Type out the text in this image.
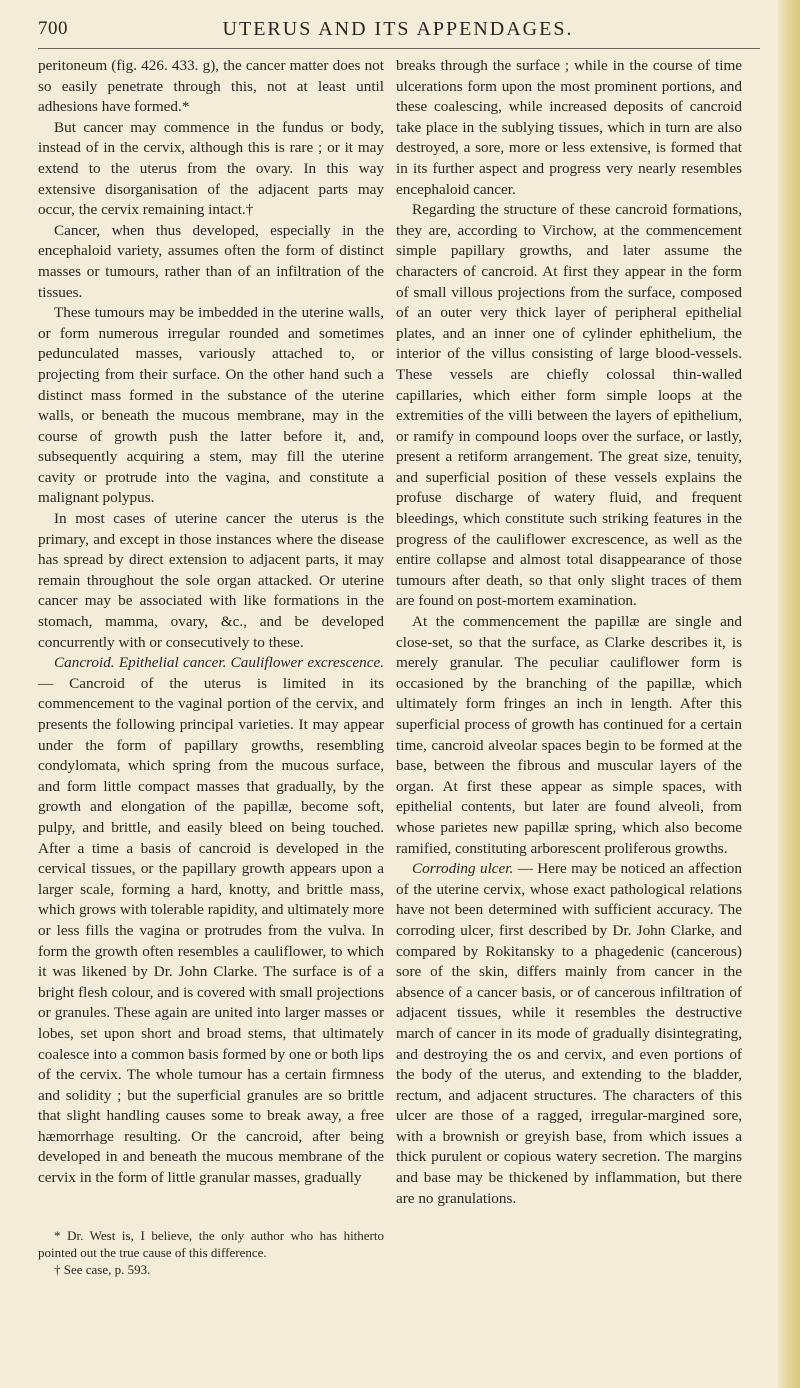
700	UTERUS AND ITS APPENDAGES.

peritoneum (fig. 426. 433. g), the cancer matter does not so easily penetrate through this, not at least until adhesions have formed.*

But cancer may commence in the fundus or body, instead of in the cervix, although this is rare ; or it may extend to the uterus from the ovary. In this way extensive disorganisation of the adjacent parts may occur, the cervix remaining intact.†

Cancer, when thus developed, especially in the encephaloid variety, assumes often the form of distinct masses or tumours, rather than of an infiltration of the tissues.

These tumours may be imbedded in the uterine walls, or form numerous irregular rounded and sometimes pedunculated masses, variously attached to, or projecting from their surface. On the other hand such a distinct mass formed in the substance of the uterine walls, or beneath the mucous membrane, may in the course of growth push the latter before it, and, subsequently acquiring a stem, may fill the uterine cavity or protrude into the vagina, and constitute a malignant polypus.

In most cases of uterine cancer the uterus is the primary, and except in those instances where the disease has spread by direct extension to adjacent parts, it may remain throughout the sole organ attacked. Or uterine cancer may be associated with like formations in the stomach, mamma, ovary, &c., and be developed concurrently with or consecutively to these.

Cancroid. Epithelial cancer. Cauliflower excrescence. — Cancroid of the uterus is limited in its commencement to the vaginal portion of the cervix, and presents the following principal varieties. It may appear under the form of papillary growths, resembling condylomata, which spring from the mucous surface, and form little compact masses that gradually, by the growth and elongation of the papillæ, become soft, pulpy, and brittle, and easily bleed on being touched. After a time a basis of cancroid is developed in the cervical tissues, or the papillary growth appears upon a larger scale, forming a hard, knotty, and brittle mass, which grows with tolerable rapidity, and ultimately more or less fills the vagina or protrudes from the vulva. In form the growth often resembles a cauliflower, to which it was likened by Dr. John Clarke. The surface is of a bright flesh colour, and is covered with small projections or granules. These again are united into larger masses or lobes, set upon short and broad stems, that ultimately coalesce into a common basis formed by one or both lips of the cervix. The whole tumour has a certain firmness and solidity ; but the superficial granules are so brittle that slight handling causes some to break away, a free hæmorrhage resulting. Or the cancroid, after being developed in and beneath the mucous membrane of the cervix in the form of little granular masses, gradually

* Dr. West is, I believe, the only author who has hitherto pointed out the true cause of this difference.

† See case, p. 593.

breaks through the surface ; while in the course of time ulcerations form upon the most prominent portions, and these coalescing, while increased deposits of cancroid take place in the sublying tissues, which in turn are also destroyed, a sore, more or less extensive, is formed that in its further aspect and progress very nearly resembles encephaloid cancer.

Regarding the structure of these cancroid formations, they are, according to Virchow, at the commencement simple papillary growths, and later assume the characters of cancroid. At first they appear in the form of small villous projections from the surface, composed of an outer very thick layer of peripheral epithelial plates, and an inner one of cylinder ephithelium, the interior of the villus consisting of large blood-vessels. These vessels are chiefly colossal thin-walled capillaries, which either form simple loops at the extremities of the villi between the layers of epithelium, or ramify in compound loops over the surface, or lastly, present a retiform arrangement. The great size, tenuity, and superficial position of these vessels explains the profuse discharge of watery fluid, and frequent bleedings, which constitute such striking features in the progress of the cauliflower excrescence, as well as the entire collapse and almost total disappearance of those tumours after death, so that only slight traces of them are found on post-mortem examination.

At the commencement the papillæ are single and close-set, so that the surface, as Clarke describes it, is merely granular. The peculiar cauliflower form is occasioned by the branching of the papillæ, which ultimately form fringes an inch in length. After this superficial process of growth has continued for a certain time, cancroid alveolar spaces begin to be formed at the base, between the fibrous and muscular layers of the organ. At first these appear as simple spaces, with epithelial contents, but later are found alveoli, from whose parietes new papillæ spring, which also become ramified, constituting arborescent proliferous growths.

Corroding ulcer. — Here may be noticed an affection of the uterine cervix, whose exact pathological relations have not been determined with sufficient accuracy. The corroding ulcer, first described by Dr. John Clarke, and compared by Rokitansky to a phagedenic (cancerous) sore of the skin, differs mainly from cancer in the absence of a cancer basis, or of cancerous infiltration of adjacent tissues, while it resembles the destructive march of cancer in its mode of gradually disintegrating, and destroying the os and cervix, and even portions of the body of the uterus, and extending to the bladder, rectum, and adjacent structures. The characters of this ulcer are those of a ragged, irregular-margined sore, with a brownish or greyish base, from which issues a thick purulent or copious watery secretion. The margins and base may be thickened by inflammation, but there are no granulations.
